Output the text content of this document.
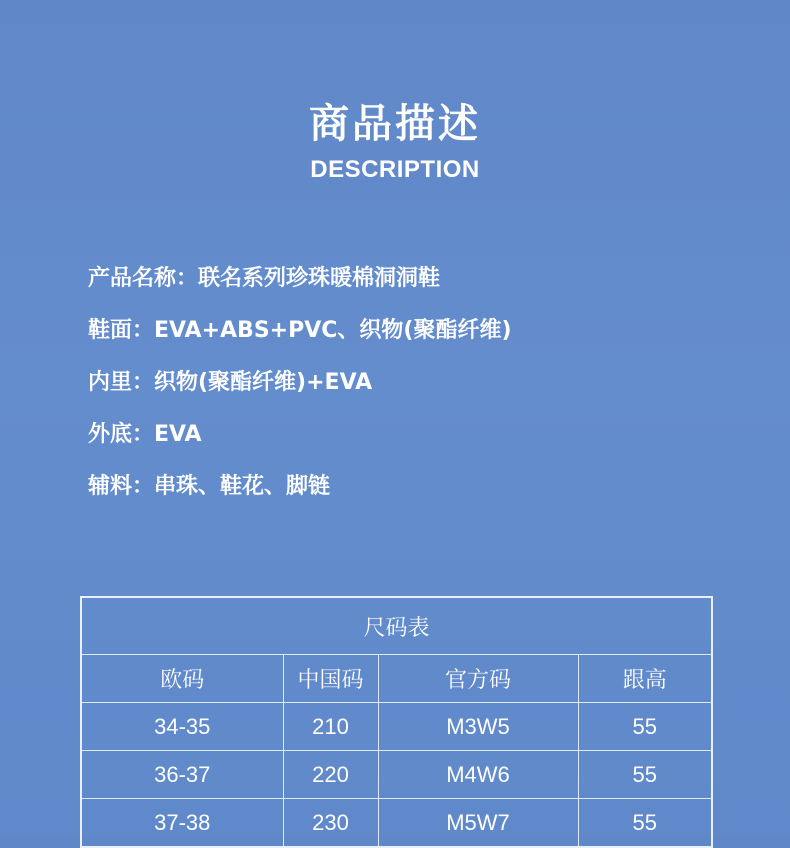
商品描述
DESCRIPTION
产品名称：联名系列珍珠暖棉洞洞鞋
鞋面：EVA+ABS+PVC、织物(聚酯纤维)
内里：织物(聚酯纤维)+EVA
外底：EVA
辅料：串珠、鞋花、脚链
尺码表			
欧码	中国码	官方码	跟高
34-35	210	M3W5	55
36-37	220	M4W6	55
37-38	230	M5W7	55
